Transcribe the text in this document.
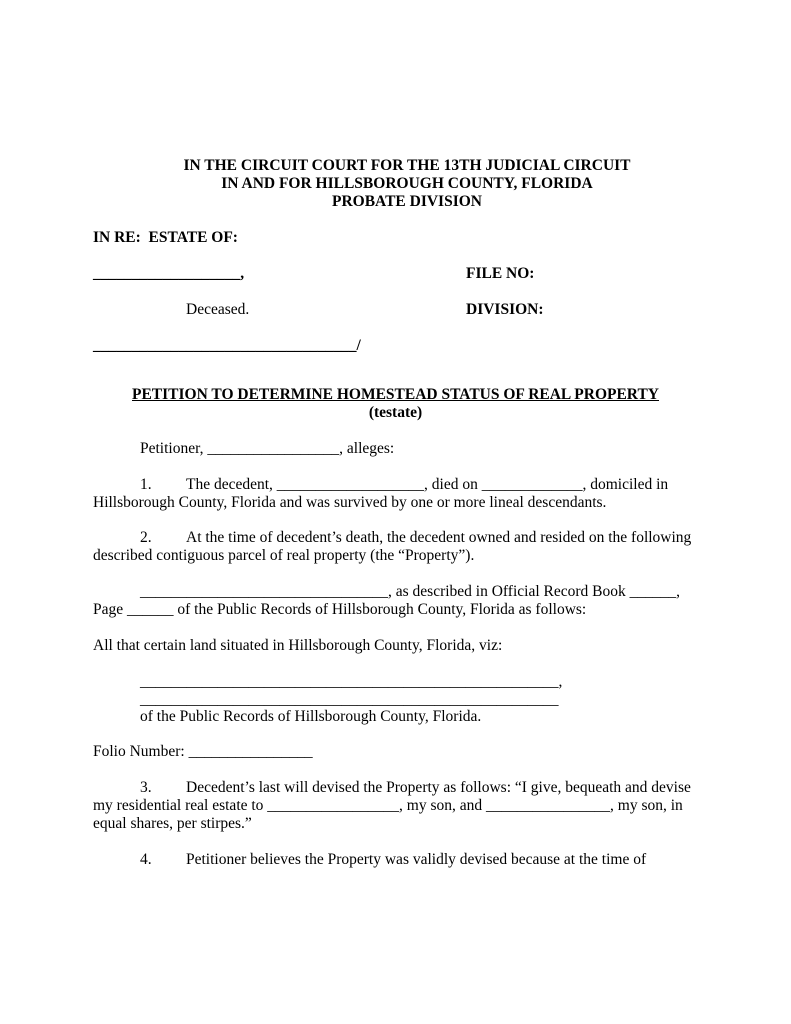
IN THE CIRCUIT COURT FOR THE 13TH JUDICIAL CIRCUIT
IN AND FOR HILLSBOROUGH COUNTY, FLORIDA
PROBATE DIVISION
IN RE:  ESTATE OF:
___________________,	FILE NO:
Deceased.	DIVISION:
__________________________________/
PETITION TO DETERMINE HOMESTEAD STATUS OF REAL PROPERTY
(testate)
Petitioner, _________________, alleges:
1. The decedent, ___________________, died on _____________, domiciled in
Hillsborough County, Florida and was survived by one or more lineal descendants.
2. At the time of decedent’s death, the decedent owned and resided on the following
described contiguous parcel of real property (the “Property”).
________________________________, as described in Official Record Book ______,
Page ______ of the Public Records of Hillsborough County, Florida as follows:
All that certain land situated in Hillsborough County, Florida, viz:
______________________________________________________,
______________________________________________________
of the Public Records of Hillsborough County, Florida.
Folio Number: ________________
3. Decedent’s last will devised the Property as follows: “I give, bequeath and devise
my residential real estate to _________________, my son, and ________________, my son, in
equal shares, per stirpes.”
4. Petitioner believes the Property was validly devised because at the time of
